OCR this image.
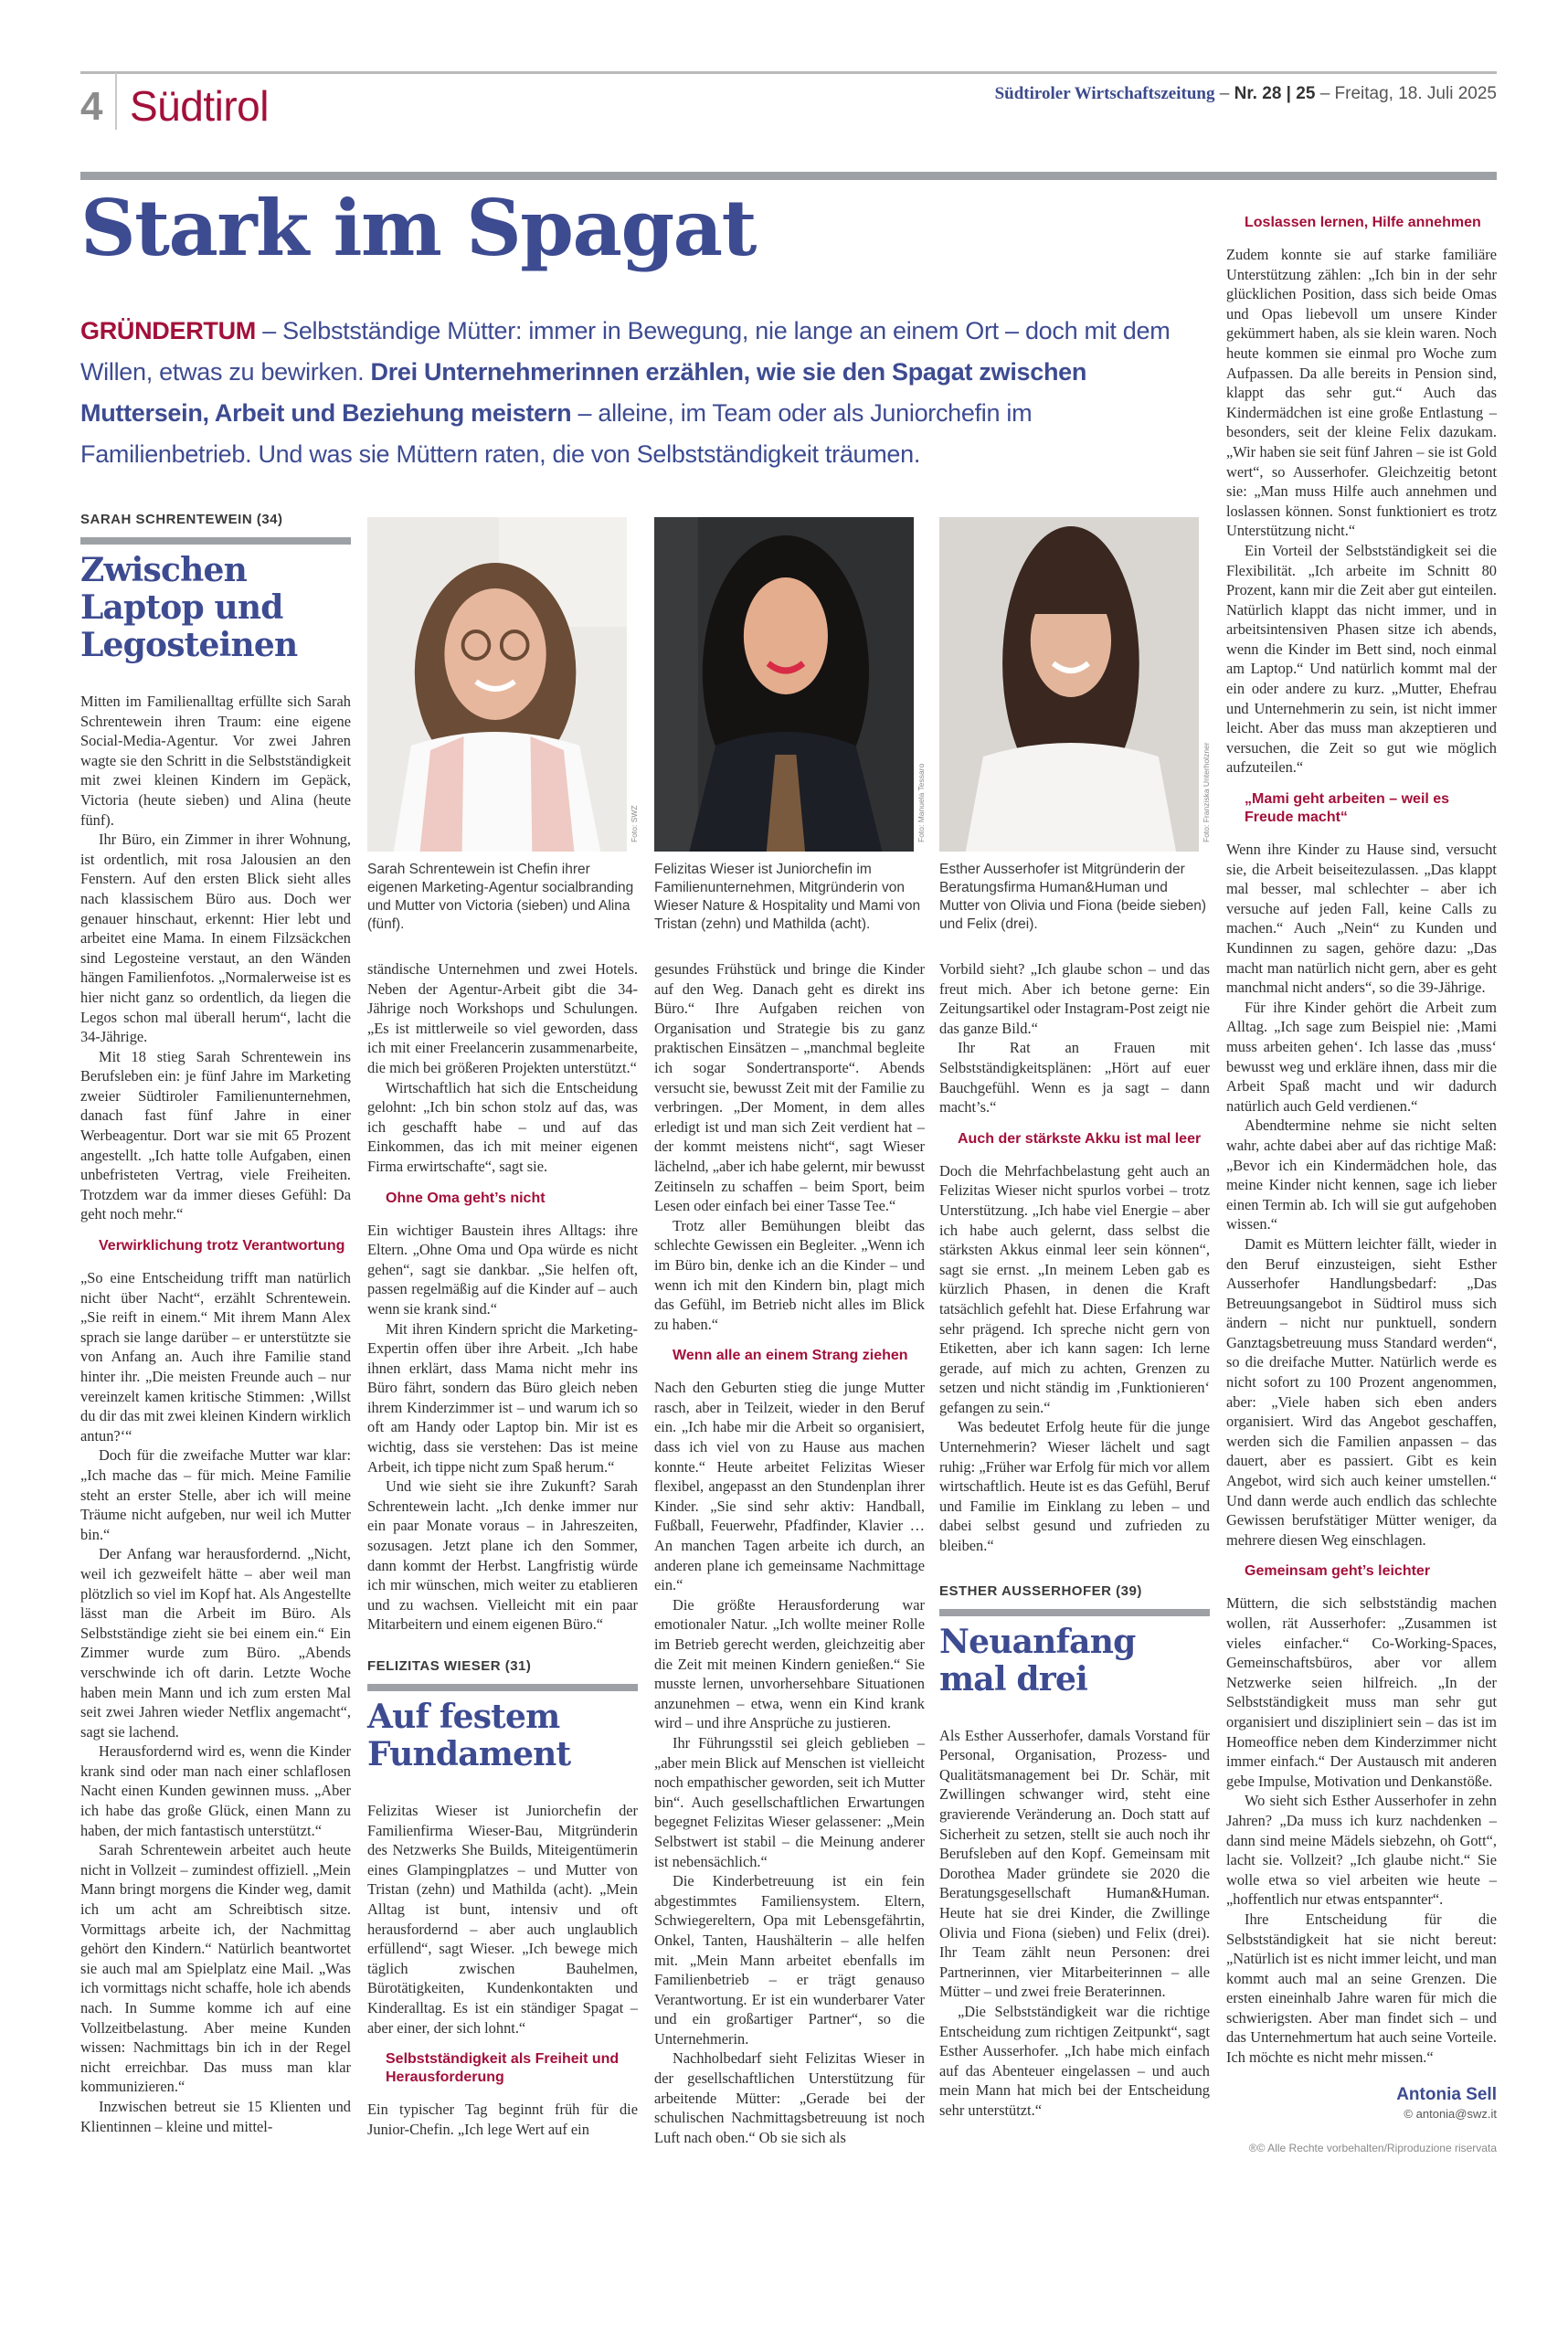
4 Südtirol	Südtiroler Wirtschaftszeitung – Nr. 28 | 25 – Freitag, 18. Juli 2025
Stark im Spagat
GRÜNDERTUM – Selbstständige Mütter: immer in Bewegung, nie lange an einem Ort – doch mit dem Willen, etwas zu bewirken. Drei Unternehmerinnen erzählen, wie sie den Spagat zwischen Muttersein, Arbeit und Beziehung meistern – alleine, im Team oder als Juniorchefin im Familienbetrieb. Und was sie Müttern raten, die von Selbstständigkeit träumen.
Foto: SWZ	Foto: Manuela Tessaro	Foto: Franziska Unterholzner
Sarah Schrentewein ist Chefin ihrer eigenen Marketing-Agentur socialbranding und Mutter von Victoria (sieben) und Alina (fünf).
Felizitas Wieser ist Juniorchefin im Familienunternehmen, Mitgründerin von Wieser Nature & Hospitality und Mami von Tristan (zehn) und Mathilda (acht).
Esther Ausserhofer ist Mitgründerin der Beratungsfirma Human&Human und Mutter von Olivia und Fiona (beide sieben) und Felix (drei).
SARAH SCHRENTEWEIN (34)
Zwischen Laptop und Legosteinen

Mitten im Familienalltag erfüllte sich Sarah Schrentewein ihren Traum: eine eigene Social-Media-Agentur. Vor zwei Jahren wagte sie den Schritt in die Selbstständigkeit mit zwei kleinen Kindern im Gepäck, Victoria (heute sieben) und Alina (heute fünf).

Ihr Büro, ein Zimmer in ihrer Wohnung, ist ordentlich, mit rosa Jalousien an den Fenstern. Auf den ersten Blick sieht alles nach klassischem Büro aus. Doch wer genauer hinschaut, erkennt: Hier lebt und arbeitet eine Mama. In einem Filzsäckchen sind Legosteine verstaut, an den Wänden hängen Familienfotos. „Normalerweise ist es hier nicht ganz so ordentlich, da liegen die Legos schon mal überall herum“, lacht die 34-Jährige.

Mit 18 stieg Sarah Schrentewein ins Berufsleben ein: je fünf Jahre im Marketing zweier Südtiroler Familienunternehmen, danach fast fünf Jahre in einer Werbeagentur. Dort war sie mit 65 Prozent angestellt. „Ich hatte tolle Aufgaben, einen unbefristeten Vertrag, viele Freiheiten. Trotzdem war da immer dieses Gefühl: Da geht noch mehr.“

Verwirklichung trotz Verantwortung

„So eine Entscheidung trifft man natürlich nicht über Nacht“, erzählt Schrentewein. „Sie reift in einem.“ Mit ihrem Mann Alex sprach sie lange darüber – er unterstützte sie von Anfang an. Auch ihre Familie stand hinter ihr. „Die meisten Freunde auch – nur vereinzelt kamen kritische Stimmen: ‚Willst du dir das mit zwei kleinen Kindern wirklich antun?‘“

Doch für die zweifache Mutter war klar: „Ich mache das – für mich. Meine Familie steht an erster Stelle, aber ich will meine Träume nicht aufgeben, nur weil ich Mutter bin.“

Der Anfang war herausfordernd. „Nicht, weil ich gezweifelt hätte – aber weil man plötzlich so viel im Kopf hat. Als Angestellte lässt man die Arbeit im Büro. Als Selbstständige zieht sie bei einem ein.“ Ein Zimmer wurde zum Büro. „Abends verschwinde ich oft darin. Letzte Woche haben mein Mann und ich zum ersten Mal seit zwei Jahren wieder Netflix angemacht“, sagt sie lachend.

Herausfordernd wird es, wenn die Kinder krank sind oder man nach einer schlaflosen Nacht einen Kunden gewinnen muss. „Aber ich habe das große Glück, einen Mann zu haben, der mich fantastisch unterstützt.“

Sarah Schrentewein arbeitet auch heute nicht in Vollzeit – zumindest offiziell. „Mein Mann bringt morgens die Kinder weg, damit ich um acht am Schreibtisch sitze. Vormittags arbeite ich, der Nachmittag gehört den Kindern.“ Natürlich beantwortet sie auch mal am Spielplatz eine Mail. „Was ich vormittags nicht schaffe, hole ich abends nach. In Summe komme ich auf eine Vollzeitbelastung. Aber meine Kunden wissen: Nachmittags bin ich in der Regel nicht erreichbar. Das muss man klar kommunizieren.“

Inzwischen betreut sie 15 Klienten und Klientinnen – kleine und mittel-

ständische Unternehmen und zwei Hotels. Neben der Agentur-Arbeit gibt die 34-Jährige noch Workshops und Schulungen. „Es ist mittlerweile so viel geworden, dass ich mit einer Freelancerin zusammenarbeite, die mich bei größeren Projekten unterstützt.“

Wirtschaftlich hat sich die Entscheidung gelohnt: „Ich bin schon stolz auf das, was ich geschafft habe – und auf das Einkommen, das ich mit meiner eigenen Firma erwirtschafte“, sagt sie.

Ohne Oma geht’s nicht

Ein wichtiger Baustein ihres Alltags: ihre Eltern. „Ohne Oma und Opa würde es nicht gehen“, sagt sie dankbar. „Sie helfen oft, passen regelmäßig auf die Kinder auf – auch wenn sie krank sind.“

Mit ihren Kindern spricht die Marketing-Expertin offen über ihre Arbeit. „Ich habe ihnen erklärt, dass Mama nicht mehr ins Büro fährt, sondern das Büro gleich neben ihrem Kinderzimmer ist – und warum ich so oft am Handy oder Laptop bin. Mir ist es wichtig, dass sie verstehen: Das ist meine Arbeit, ich tippe nicht zum Spaß herum.“

Und wie sieht sie ihre Zukunft? Sarah Schrentewein lacht. „Ich denke immer nur ein paar Monate voraus – in Jahreszeiten, sozusagen. Jetzt plane ich den Sommer, dann kommt der Herbst. Langfristig würde ich mir wünschen, mich weiter zu etablieren und zu wachsen. Vielleicht mit ein paar Mitarbeitern und einem eigenen Büro.“

FELIZITAS WIESER (31)
Auf festem Fundament

Felizitas Wieser ist Juniorchefin der Familienfirma Wieser-Bau, Mitgründerin des Netzwerks She Builds, Miteigentümerin eines Glampingplatzes – und Mutter von Tristan (zehn) und Mathilda (acht). „Mein Alltag ist bunt, intensiv und oft herausfordernd – aber auch unglaublich erfüllend“, sagt Wieser. „Ich bewege mich täglich zwischen Bauhelmen, Bürotätigkeiten, Kundenkontakten und Kinderalltag. Es ist ein ständiger Spagat – aber einer, der sich lohnt.“

Selbstständigkeit als Freiheit und Herausforderung

Ein typischer Tag beginnt früh für die Junior-Chefin. „Ich lege Wert auf ein

gesundes Frühstück und bringe die Kinder auf den Weg. Danach geht es direkt ins Büro.“ Ihre Aufgaben reichen von Organisation und Strategie bis zu ganz praktischen Einsätzen – „manchmal begleite ich sogar Sondertransporte“. Abends versucht sie, bewusst Zeit mit der Familie zu verbringen. „Der Moment, in dem alles erledigt ist und man sich Zeit verdient hat – der kommt meistens nicht“, sagt Wieser lächelnd, „aber ich habe gelernt, mir bewusst Zeitinseln zu schaffen – beim Sport, beim Lesen oder einfach bei einer Tasse Tee.“

Trotz aller Bemühungen bleibt das schlechte Gewissen ein Begleiter. „Wenn ich im Büro bin, denke ich an die Kinder – und wenn ich mit den Kindern bin, plagt mich das Gefühl, im Betrieb nicht alles im Blick zu haben.“

Wenn alle an einem Strang ziehen

Nach den Geburten stieg die junge Mutter rasch, aber in Teilzeit, wieder in den Beruf ein. „Ich habe mir die Arbeit so organisiert, dass ich viel von zu Hause aus machen konnte.“ Heute arbeitet Felizitas Wieser flexibel, angepasst an den Stundenplan ihrer Kinder. „Sie sind sehr aktiv: Handball, Fußball, Feuerwehr, Pfadfinder, Klavier … An manchen Tagen arbeite ich durch, an anderen plane ich gemeinsame Nachmittage ein.“

Die größte Herausforderung war emotionaler Natur. „Ich wollte meiner Rolle im Betrieb gerecht werden, gleichzeitig aber die Zeit mit meinen Kindern genießen.“ Sie musste lernen, unvorhersehbare Situationen anzunehmen – etwa, wenn ein Kind krank wird – und ihre Ansprüche zu justieren.

Ihr Führungsstil sei gleich geblieben – „aber mein Blick auf Menschen ist vielleicht noch empathischer geworden, seit ich Mutter bin“. Auch gesellschaftlichen Erwartungen begegnet Felizitas Wieser gelassener: „Mein Selbstwert ist stabil – die Meinung anderer ist nebensächlich.“

Die Kinderbetreuung ist ein fein abgestimmtes Familiensystem. Eltern, Schwiegereltern, Opa mit Lebensgefährtin, Onkel, Tanten, Haushälterin – alle helfen mit. „Mein Mann arbeitet ebenfalls im Familienbetrieb – er trägt genauso Verantwortung. Er ist ein wunderbarer Vater und ein großartiger Partner“, so die Unternehmerin.

Nachholbedarf sieht Felizitas Wieser in der gesellschaftlichen Unterstützung für arbeitende Mütter: „Gerade bei der schulischen Nachmittagsbetreuung ist noch Luft nach oben.“ Ob sie sich als

Vorbild sieht? „Ich glaube schon – und das freut mich. Aber ich betone gerne: Ein Zeitungsartikel oder Instagram-Post zeigt nie das ganze Bild.“

Ihr Rat an Frauen mit Selbstständigkeitsplänen: „Hört auf euer Bauchgefühl. Wenn es ja sagt – dann macht’s.“

Auch der stärkste Akku ist mal leer

Doch die Mehrfachbelastung geht auch an Felizitas Wieser nicht spurlos vorbei – trotz Unterstützung. „Ich habe viel Energie – aber ich habe auch gelernt, dass selbst die stärksten Akkus einmal leer sein können“, sagt sie ernst. „In meinem Leben gab es kürzlich Phasen, in denen die Kraft tatsächlich gefehlt hat. Diese Erfahrung war sehr prägend. Ich spreche nicht gern von Etiketten, aber ich kann sagen: Ich lerne gerade, auf mich zu achten, Grenzen zu setzen und nicht ständig im ‚Funktionieren‘ gefangen zu sein.“

Was bedeutet Erfolg heute für die junge Unternehmerin? Wieser lächelt und sagt ruhig: „Früher war Erfolg für mich vor allem wirtschaftlich. Heute ist es das Gefühl, Beruf und Familie im Einklang zu leben – und dabei selbst gesund und zufrieden zu bleiben.“

ESTHER AUSSERHOFER (39)
Neuanfang mal drei

Als Esther Ausserhofer, damals Vorstand für Personal, Organisation, Prozess- und Qualitätsmanagement bei Dr. Schär, mit Zwillingen schwanger wird, steht eine gravierende Veränderung an. Doch statt auf Sicherheit zu setzen, stellt sie auch noch ihr Berufsleben auf den Kopf. Gemeinsam mit Dorothea Mader gründete sie 2020 die Beratungsgesellschaft Human&Human. Heute hat sie drei Kinder, die Zwillinge Olivia und Fiona (sieben) und Felix (drei). Ihr Team zählt neun Personen: drei Partnerinnen, vier Mitarbeiterinnen – alle Mütter – und zwei freie Beraterinnen.

„Die Selbstständigkeit war die richtige Entscheidung zum richtigen Zeitpunkt“, sagt Esther Ausserhofer. „Ich habe mich einfach auf das Abenteuer eingelassen – und auch mein Mann hat mich bei der Entscheidung sehr unterstützt.“

Loslassen lernen, Hilfe annehmen

Zudem konnte sie auf starke familiäre Unterstützung zählen: „Ich bin in der sehr glücklichen Position, dass sich beide Omas und Opas liebevoll um unsere Kinder gekümmert haben, als sie klein waren. Noch heute kommen sie einmal pro Woche zum Aufpassen. Da alle bereits in Pension sind, klappt das sehr gut.“ Auch das Kindermädchen ist eine große Entlastung – besonders, seit der kleine Felix dazukam. „Wir haben sie seit fünf Jahren – sie ist Gold wert“, so Ausserhofer. Gleichzeitig betont sie: „Man muss Hilfe auch annehmen und loslassen können. Sonst funktioniert es trotz Unterstützung nicht.“

Ein Vorteil der Selbstständigkeit sei die Flexibilität. „Ich arbeite im Schnitt 80 Prozent, kann mir die Zeit aber gut einteilen. Natürlich klappt das nicht immer, und in arbeitsintensiven Phasen sitze ich abends, wenn die Kinder im Bett sind, noch einmal am Laptop.“ Und natürlich kommt mal der ein oder andere zu kurz. „Mutter, Ehefrau und Unternehmerin zu sein, ist nicht immer leicht. Aber das muss man akzeptieren und versuchen, die Zeit so gut wie möglich aufzuteilen.“

„Mami geht arbeiten – weil es Freude macht“

Wenn ihre Kinder zu Hause sind, versucht sie, die Arbeit beiseitezulassen. „Das klappt mal besser, mal schlechter – aber ich versuche auf jeden Fall, keine Calls zu machen.“ Auch „Nein“ zu Kunden und Kundinnen zu sagen, gehöre dazu: „Das macht man natürlich nicht gern, aber es geht manchmal nicht anders“, so die 39-Jährige.

Für ihre Kinder gehört die Arbeit zum Alltag. „Ich sage zum Beispiel nie: ‚Mami muss arbeiten gehen‘. Ich lasse das ‚muss‘ bewusst weg und erkläre ihnen, dass mir die Arbeit Spaß macht und wir dadurch natürlich auch Geld verdienen.“

Abendtermine nehme sie nicht selten wahr, achte dabei aber auf das richtige Maß: „Bevor ich ein Kindermädchen hole, das meine Kinder nicht kennen, sage ich lieber einen Termin ab. Ich will sie gut aufgehoben wissen.“

Damit es Müttern leichter fällt, wieder in den Beruf einzusteigen, sieht Esther Ausserhofer Handlungsbedarf: „Das Betreuungsangebot in Südtirol muss sich ändern – nicht nur punktuell, sondern Ganztagsbetreuung muss Standard werden“, so die dreifache Mutter. Natürlich werde es nicht sofort zu 100 Prozent angenommen, aber: „Viele haben sich eben anders organisiert. Wird das Angebot geschaffen, werden sich die Familien anpassen – das dauert, aber es passiert. Gibt es kein Angebot, wird sich auch keiner umstellen.“ Und dann werde auch endlich das schlechte Gewissen berufstätiger Mütter weniger, da mehrere diesen Weg einschlagen.

Gemeinsam geht’s leichter

Müttern, die sich selbstständig machen wollen, rät Ausserhofer: „Zusammen ist vieles einfacher.“ Co-Working-Spaces, Gemeinschaftsbüros, aber vor allem Netzwerke seien hilfreich. „In der Selbstständigkeit muss man sehr gut organisiert und diszipliniert sein – das ist im Homeoffice neben dem Kinderzimmer nicht immer einfach.“ Der Austausch mit anderen gebe Impulse, Motivation und Denkanstöße.

Wo sieht sich Esther Ausserhofer in zehn Jahren? „Da muss ich kurz nachdenken – dann sind meine Mädels siebzehn, oh Gott“, lacht sie. Vollzeit? „Ich glaube nicht.“ Sie wolle etwa so viel arbeiten wie heute – „hoffentlich nur etwas entspannter“.

Ihre Entscheidung für die Selbstständigkeit hat sie nicht bereut: „Natürlich ist es nicht immer leicht, und man kommt auch mal an seine Grenzen. Die ersten eineinhalb Jahre waren für mich die schwierigsten. Aber man findet sich – und das Unternehmertum hat auch seine Vorteile. Ich möchte es nicht mehr missen.“

Antonia Sell
© antonia@swz.it
®© Alle Rechte vorbehalten/Riproduzione riservata
